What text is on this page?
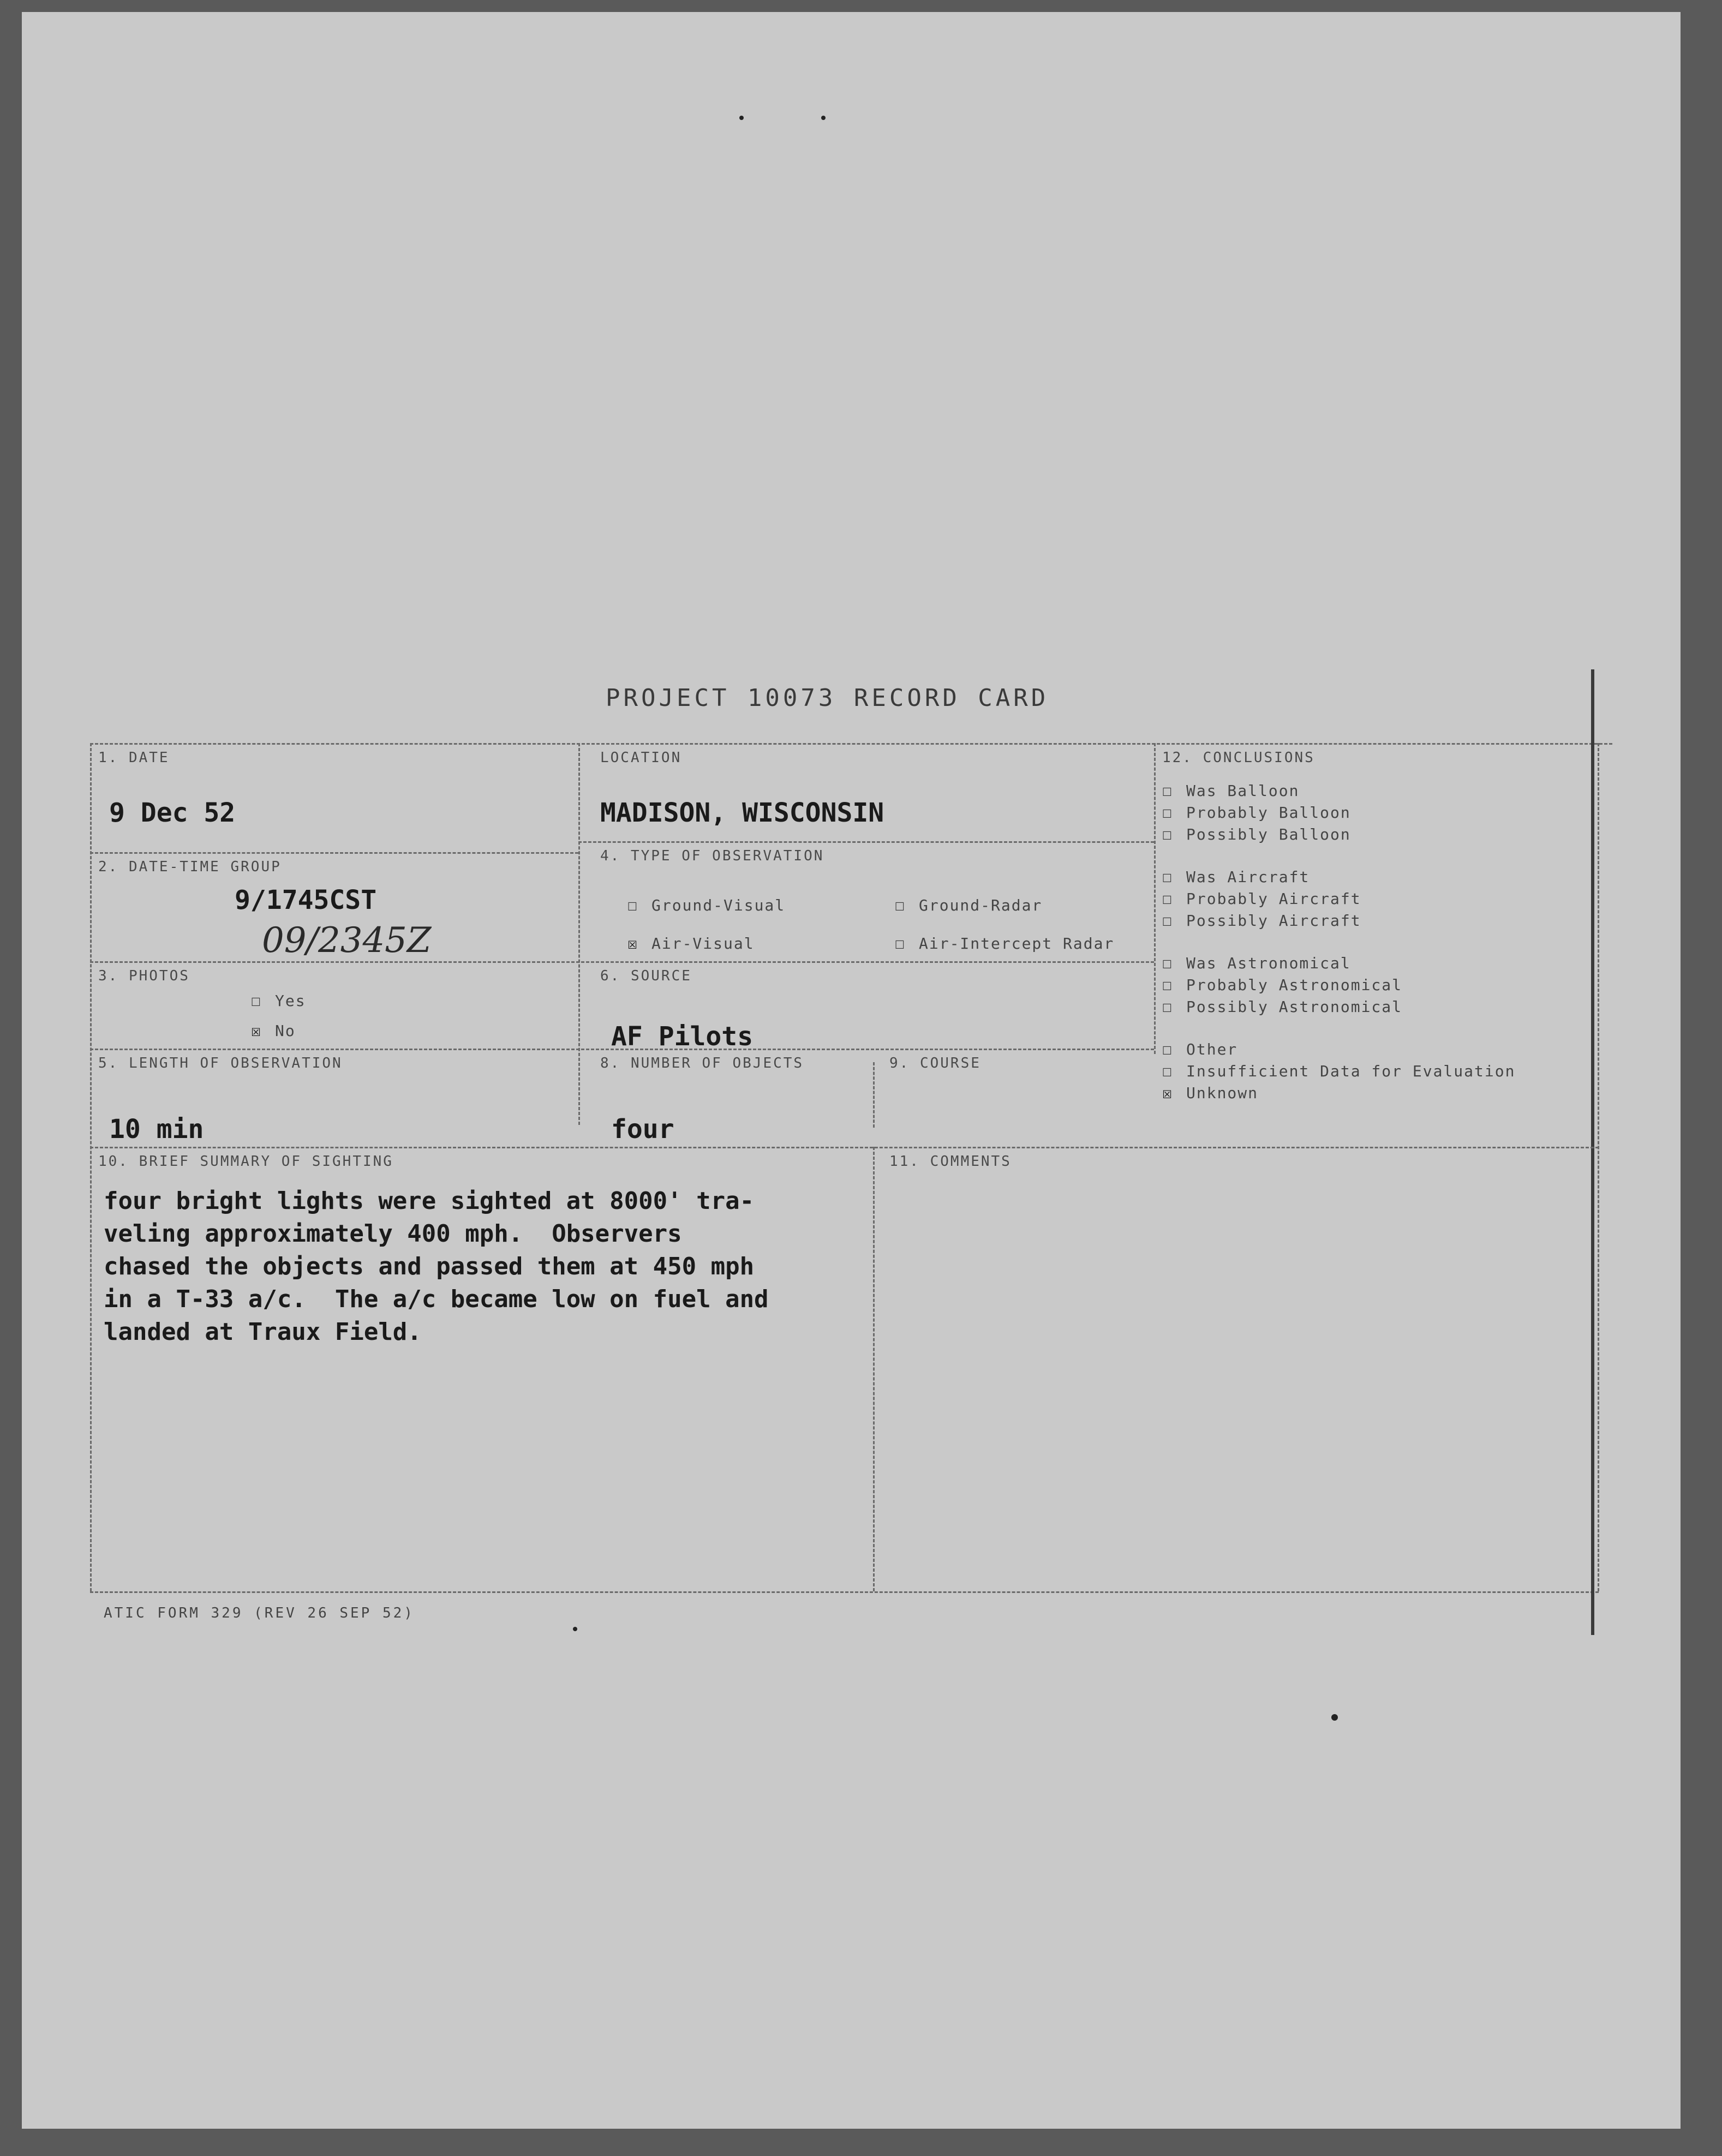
PROJECT 10073 RECORD CARD
1. DATE
9 Dec 52
2. DATE-TIME GROUP
9/1745CST
09/2345Z
3. PHOTOS
☐ Yes
☒ No
5. LENGTH OF OBSERVATION
10 min
LOCATION
MADISON, WISCONSIN
4. TYPE OF OBSERVATION
☐ Ground-Visual	☐ Ground-Radar
☒ Air-Visual	☐ Air-Intercept Radar
6. SOURCE
AF Pilots
8. NUMBER OF OBJECTS
four
9. COURSE
12. CONCLUSIONS
☐ Was Balloon
☐ Probably Balloon
☐ Possibly Balloon
☐ Was Aircraft
☐ Probably Aircraft
☐ Possibly Aircraft
☐ Was Astronomical
☐ Probably Astronomical
☐ Possibly Astronomical
☐ Other
☐ Insufficient Data for Evaluation
☒ Unknown
10. BRIEF SUMMARY OF SIGHTING
four bright lights were sighted at 8000' tra-
veling approximately 400 mph.  Observers
chased the objects and passed them at 450 mph
in a T-33 a/c.  The a/c became low on fuel and
landed at Traux Field.
11. COMMENTS
ATIC FORM 329 (REV 26 SEP 52)
